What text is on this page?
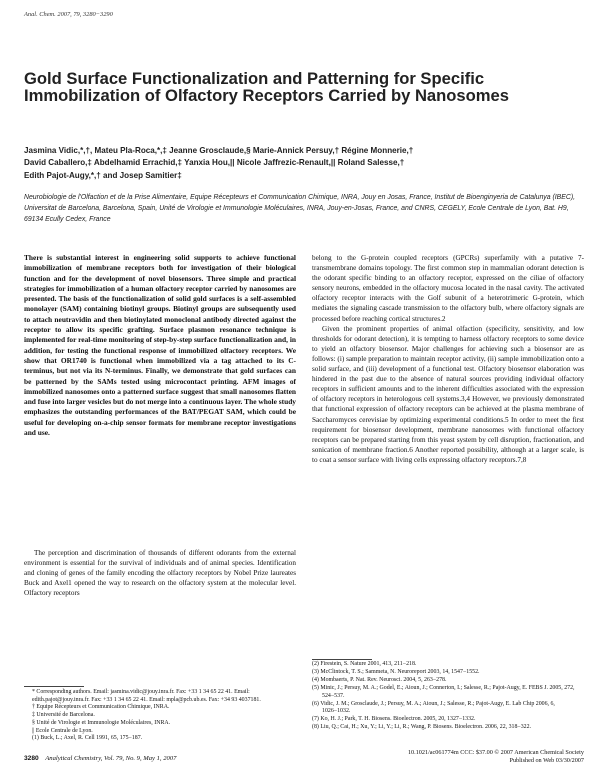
Anal. Chem. 2007, 79, 3280−3290
Gold Surface Functionalization and Patterning for Specific Immobilization of Olfactory Receptors Carried by Nanosomes
Jasmina Vidic,*,†, Mateu Pla-Roca,*,‡ Jeanne Grosclaude,§ Marie-Annick Persuy,† Régine Monnerie,†
David Caballero,‡ Abdelhamid Errachid,‡ Yanxia Hou,|| Nicole Jaffrezic-Renault,|| Roland Salesse,†
Edith Pajot-Augy,*,† and Josep Samitier‡
Neurobiologie de l'Olfaction et de la Prise Alimentaire, Equipe Récepteurs et Communication Chimique, INRA, Jouy en Josas, France, Institut de Bioenginyeria de Catalunya (IBEC), Universitat de Barcelona, Barcelona, Spain, Unité de Virologie et Immunologie Moléculaires, INRA, Jouy-en-Josas, France, and CNRS, CEGELY, Ecole Centrale de Lyon, Bat. H9, 69134 Ecully Cedex, France
There is substantial interest in engineering solid supports to achieve functional immobilization of membrane receptors both for investigation of their biological function and for the development of novel biosensors. Three simple and practical strategies for immobilization of a human olfactory receptor carried by nanosomes are presented. The basis of the functionalization of solid gold surfaces is a self-assembled monolayer (SAM) containing biotinyl groups. Biotinyl groups are subsequently used to attach neutravidin and then biotinylated monoclonal antibody directed against the receptor to allow its specific grafting. Surface plasmon resonance technique is implemented for real-time monitoring of step-by-step surface functionalization and, in addition, for testing the functional response of immobilized olfactory receptors. We show that OR1740 is functional when immobilized via a tag attached to its C-terminus, but not via its N-terminus. Finally, we demonstrate that gold surfaces can be patterned by the SAMs tested using microcontact printing. AFM images of immobilized nanosomes onto a patterned surface suggest that small nanosomes flatten and fuse into larger vesicles but do not merge into a continuous layer. The whole study emphasizes the outstanding performances of the BAT/PEGAT SAM, which could be useful for developing on-a-chip sensor formats for membrane receptor investigations and use.
The perception and discrimination of thousands of different odorants from the external environment is essential for the survival of individuals and of animal species. Identification and cloning of genes of the family encoding the olfactory receptors by Nobel Prize laureates Buck and Axel1 opened the way to research on the olfactory system at the molecular level. Olfactory receptors

belong to the G-protein coupled receptors (GPCRs) superfamily with a putative 7-transmembrane domains topology. The first common step in mammalian odorant detection is the odorant specific binding to an olfactory receptor, expressed on the ciliae of olfactory sensory neurons, embedded in the olfactory mucosa located in the nasal cavity. The activated olfactory receptor interacts with the Golf subunit of a heterotrimeric G-protein, which mediates the signaling cascade transmission to the olfactory bulb, where olfactory signals are processed before reaching cortical structures.2

Given the prominent properties of animal olfaction (specificity, sensitivity, and low thresholds for odorant detection), it is tempting to harness olfactory receptors to some device to yield an olfactory biosensor. Major challenges for achieving such a biosensor are as follows: (i) sample preparation to maintain receptor activity, (ii) sample immobilization onto a solid surface, and (iii) development of a functional test. Olfactory biosensor elaboration was hindered in the past due to the absence of natural sources providing individual olfactory receptors in sufficient amounts and to the inherent difficulties associated with the expression of olfactory receptors in heterologous cell systems.3,4 However, we previously demonstrated that functional expression of olfactory receptors can be achieved at the plasma membrane of Saccharomyces cerevisiae by optimizing experimental conditions.5 In order to meet the first requirement for biosensor development, membrane nanosomes with functional olfactory receptors can be prepared starting from this yeast system by cell disruption, fractionation, and sonication of membrane fraction.6 Another reported possibility, although at a larger scale, is to coat a sensor surface with living cells expressing olfactory receptors.7,8

(2) Firestein, S. Nature 2001, 413, 211−218.
(3) McClintock, T. S.; Sammeta, N. Neuroreport 2003, 14, 1547−1552.
(4) Mombaerts, P. Nat. Rev. Neurosci. 2004, 5, 263−278.
(5) Minic, J.; Persuy, M. A.; Godel, E.; Aioun, J.; Connerton, I.; Salesse, R.; Pajot-Augy, E. FEBS J. 2005, 272, 524−537.
(6) Vidic, J. M.; Grosclaude, J.; Persuy, M. A.; Aioun, J.; Salesse, R.; Pajot-Augy, E. Lab Chip 2006, 6, 1026−1032.
(7) Ko, H. J.; Park, T. H. Biosens. Bioelectron. 2005, 20, 1327−1332.
(8) Liu, Q.; Cai, H.; Xu, Y.; Li, Y.; Li, R.; Wang, P. Biosens. Bioelectron. 2006, 22, 318−322.
* Corresponding authors. Email: jasmina.vidic@jouy.inra.fr. Fax: +33 1 34 65 22 41. Email: edith.pajot@jouy.inra.fr. Fax: +33 1 34 65 22 41. Email: mpla@pcb.ub.es. Fax: +34 93 4037181.
† Equipe Récepteurs et Communication Chimique, INRA.
‡ Université de Barcelona.
§ Unité de Virologie et Immunologie Moléculaires, INRA.
|| Ecole Centrale de Lyon.
(1) Buck, L.; Axel, R. Cell 1991, 65, 175−187.
3280 Analytical Chemistry, Vol. 79, No. 9, May 1, 2007
10.1021/ac061774m CCC: $37.00 © 2007 American Chemical Society
Published on Web 03/30/2007
